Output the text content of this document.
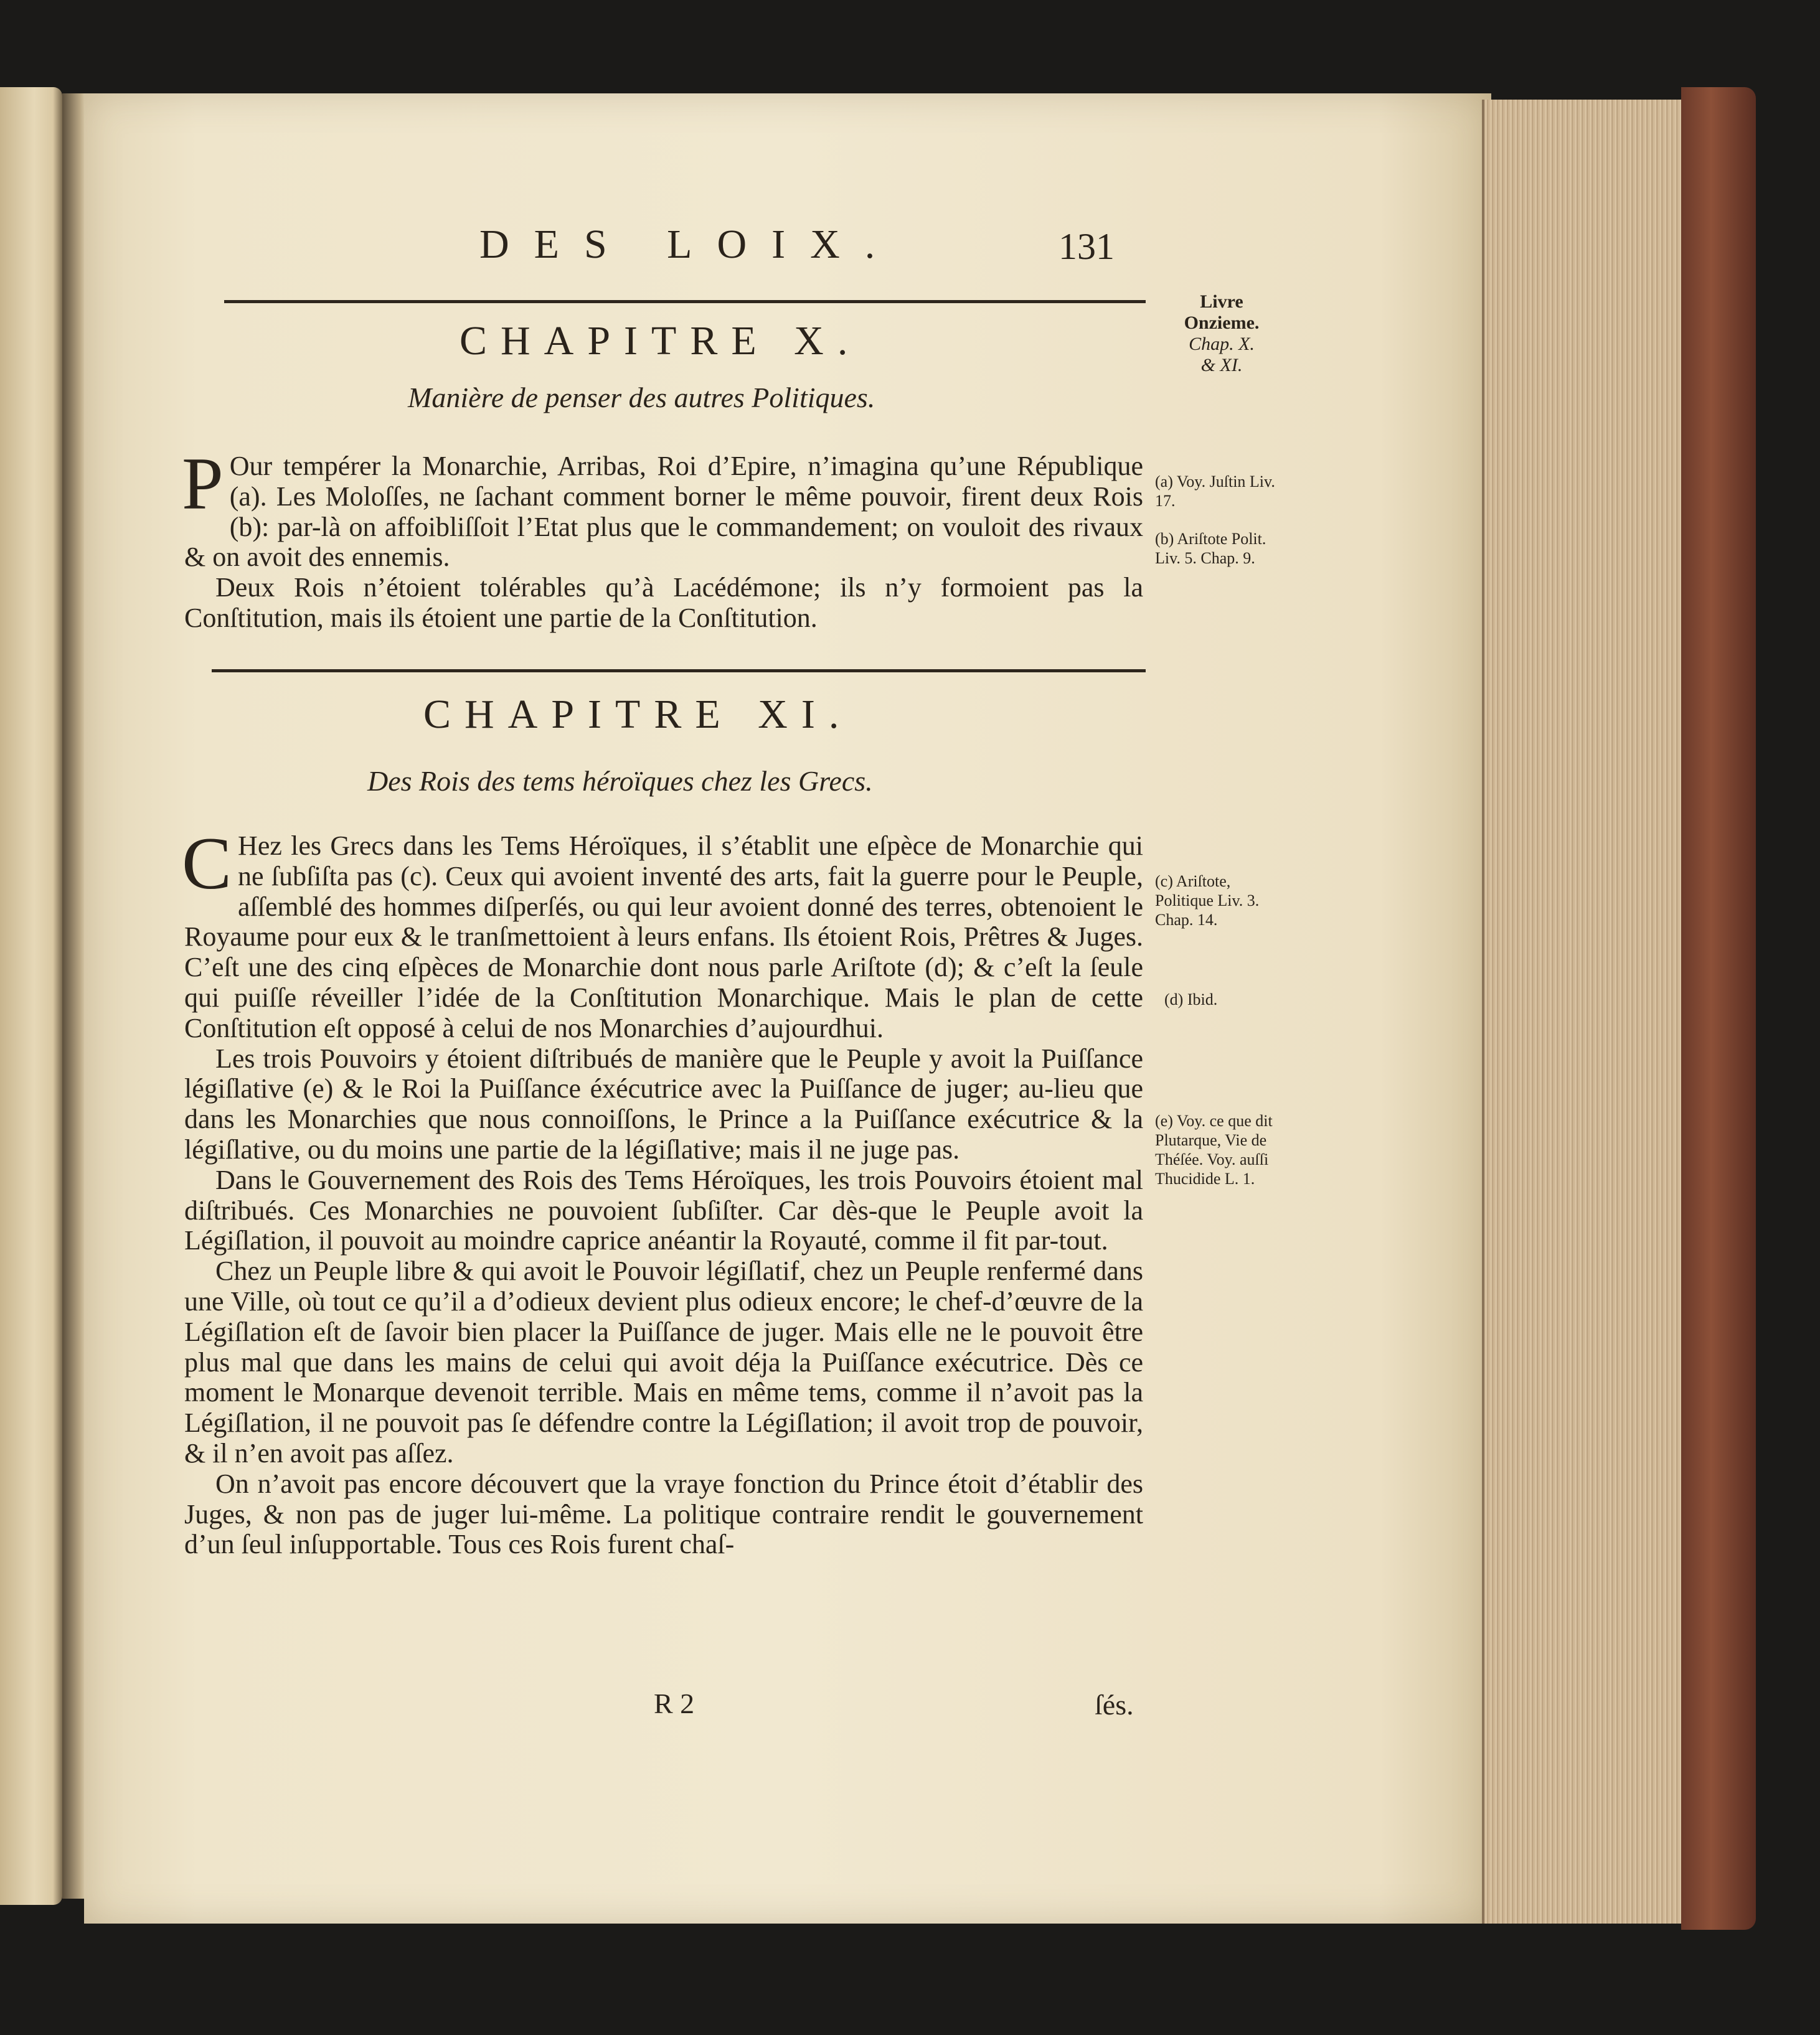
DES LOIX.	131
Livre
Onzieme.
Chap. X.
& XI.
CHAPITRE X.
Manière de penser des autres Politiques.

P Our tempérer la Monarchie, Arribas, Roi d’Epire, n’imagina qu’une République (a). Les Moloſſes, ne ſachant comment borner le même pouvoir, firent deux Rois (b): par-là on affoibliſſoit l’Etat plus que le commandement; on vouloit des rivaux & on avoit des ennemis.

Deux Rois n’étoient tolérables qu’à Lacédémone; ils n’y formoient pas la Conſtitution, mais ils étoient une partie de la Conſtitution.

(a) Voy. Juſtin Liv. 17.
(b) Ariſtote Polit. Liv. 5. Chap. 9.
CHAPITRE XI.
Des Rois des tems héroïques chez les Grecs.

C Hez les Grecs dans les Tems Héroïques, il s’établit une eſpèce de Monarchie qui ne ſubſiſta pas (c). Ceux qui avoient inventé des arts, fait la guerre pour le Peuple, aſſemblé des hommes diſperſés, ou qui leur avoient donné des terres, obtenoient le Royaume pour eux & le tranſmettoient à leurs enfans. Ils étoient Rois, Prêtres & Juges. C’eſt une des cinq eſpèces de Monarchie dont nous parle Ariſtote (d); & c’eſt la ſeule qui puiſſe réveiller l’idée de la Conſtitution Monarchique. Mais le plan de cette Conſtitution eſt opposé à celui de nos Monarchies d’aujourdhui.

Les trois Pouvoirs y étoient diſtribués de manière que le Peuple y avoit la Puiſſance légiſlative (e) & le Roi la Puiſſance éxécutrice avec la Puiſſance de juger; au-lieu que dans les Monarchies que nous connoiſſons, le Prince a la Puiſſance exécutrice & la légiſlative, ou du moins une partie de la légiſlative; mais il ne juge pas.

Dans le Gouvernement des Rois des Tems Héroïques, les trois Pouvoirs étoient mal diſtribués. Ces Monarchies ne pouvoient ſubſiſter. Car dès-que le Peuple avoit la Légiſlation, il pouvoit au moindre caprice anéantir la Royauté, comme il fit par-tout.

Chez un Peuple libre & qui avoit le Pouvoir légiſlatif, chez un Peuple renfermé dans une Ville, où tout ce qu’il a d’odieux devient plus odieux encore; le chef-d’œuvre de la Légiſlation eſt de ſavoir bien placer la Puiſſance de juger. Mais elle ne le pouvoit être plus mal que dans les mains de celui qui avoit déja la Puiſſance exécutrice. Dès ce moment le Monarque devenoit terrible. Mais en même tems, comme il n’avoit pas la Légiſlation, il ne pouvoit pas ſe défendre contre la Légiſlation; il avoit trop de pouvoir, & il n’en avoit pas aſſez.

On n’avoit pas encore découvert que la vraye fonction du Prince étoit d’établir des Juges, & non pas de juger lui-même. La politique contraire rendit le gouvernement d’un ſeul inſupportable. Tous ces Rois furent chaſ-

(c) Ariſtote, Politique Liv. 3. Chap. 14.
(d) Ibid.
(e) Voy. ce que dit Plutarque, Vie de Théſée. Voy. auſſi Thucidide L. 1.
R 2	ſés.
